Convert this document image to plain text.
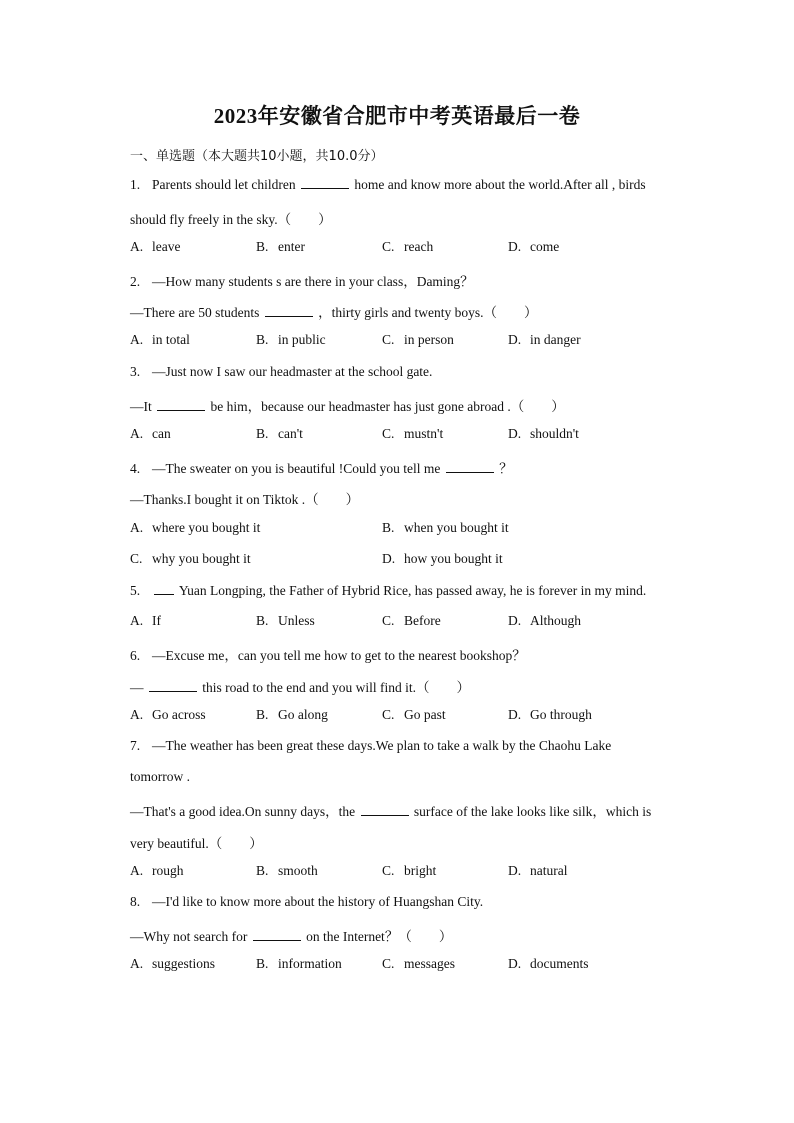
2023年安徽省合肥市中考英语最后一卷
一、单选题（本大题共10小题，共10.0分）
1. Parents should let children	home and know more about the world.After all , birds
should fly freely in the sky.（　　）
A. leave	B. enter	C. reach	D. come
2. —How many students s are there in your class，Daming？
—There are 50 students	，thirty girls and twenty boys.（　　）
A. in total	B. in public	C. in person	D. in danger
3. —Just now I saw our headmaster at the school gate.
—It	be him，because our headmaster has just gone abroad .（　　）
A. can	B. can't	C. mustn't	D. shouldn't
4. —The sweater on you is beautiful !Could you tell me	？
—Thanks.I bought it on Tiktok .（　　）
A. where you bought it	B. when you bought it
C. why you bought it	D. how you bought it
5.	Yuan Longping, the Father of Hybrid Rice, has passed away, he is forever in my mind.
A. If	B. Unless	C. Before	D. Although
6. —Excuse me，can you tell me how to get to the nearest bookshop？
—	this road to the end and you will find it.（　　）
A. Go across	B. Go along	C. Go past	D. Go through
7. —The weather has been great these days.We plan to take a walk by the Chaohu Lake
tomorrow .
—That's a good idea.On sunny days，the	surface of the lake looks like silk，which is
very beautiful.（　　）
A. rough	B. smooth	C. bright	D. natural
8. —I'd like to know more about the history of Huangshan City.
—Why not search for	on the Internet？（　　）
A. suggestions	B. information	C. messages	D. documents
